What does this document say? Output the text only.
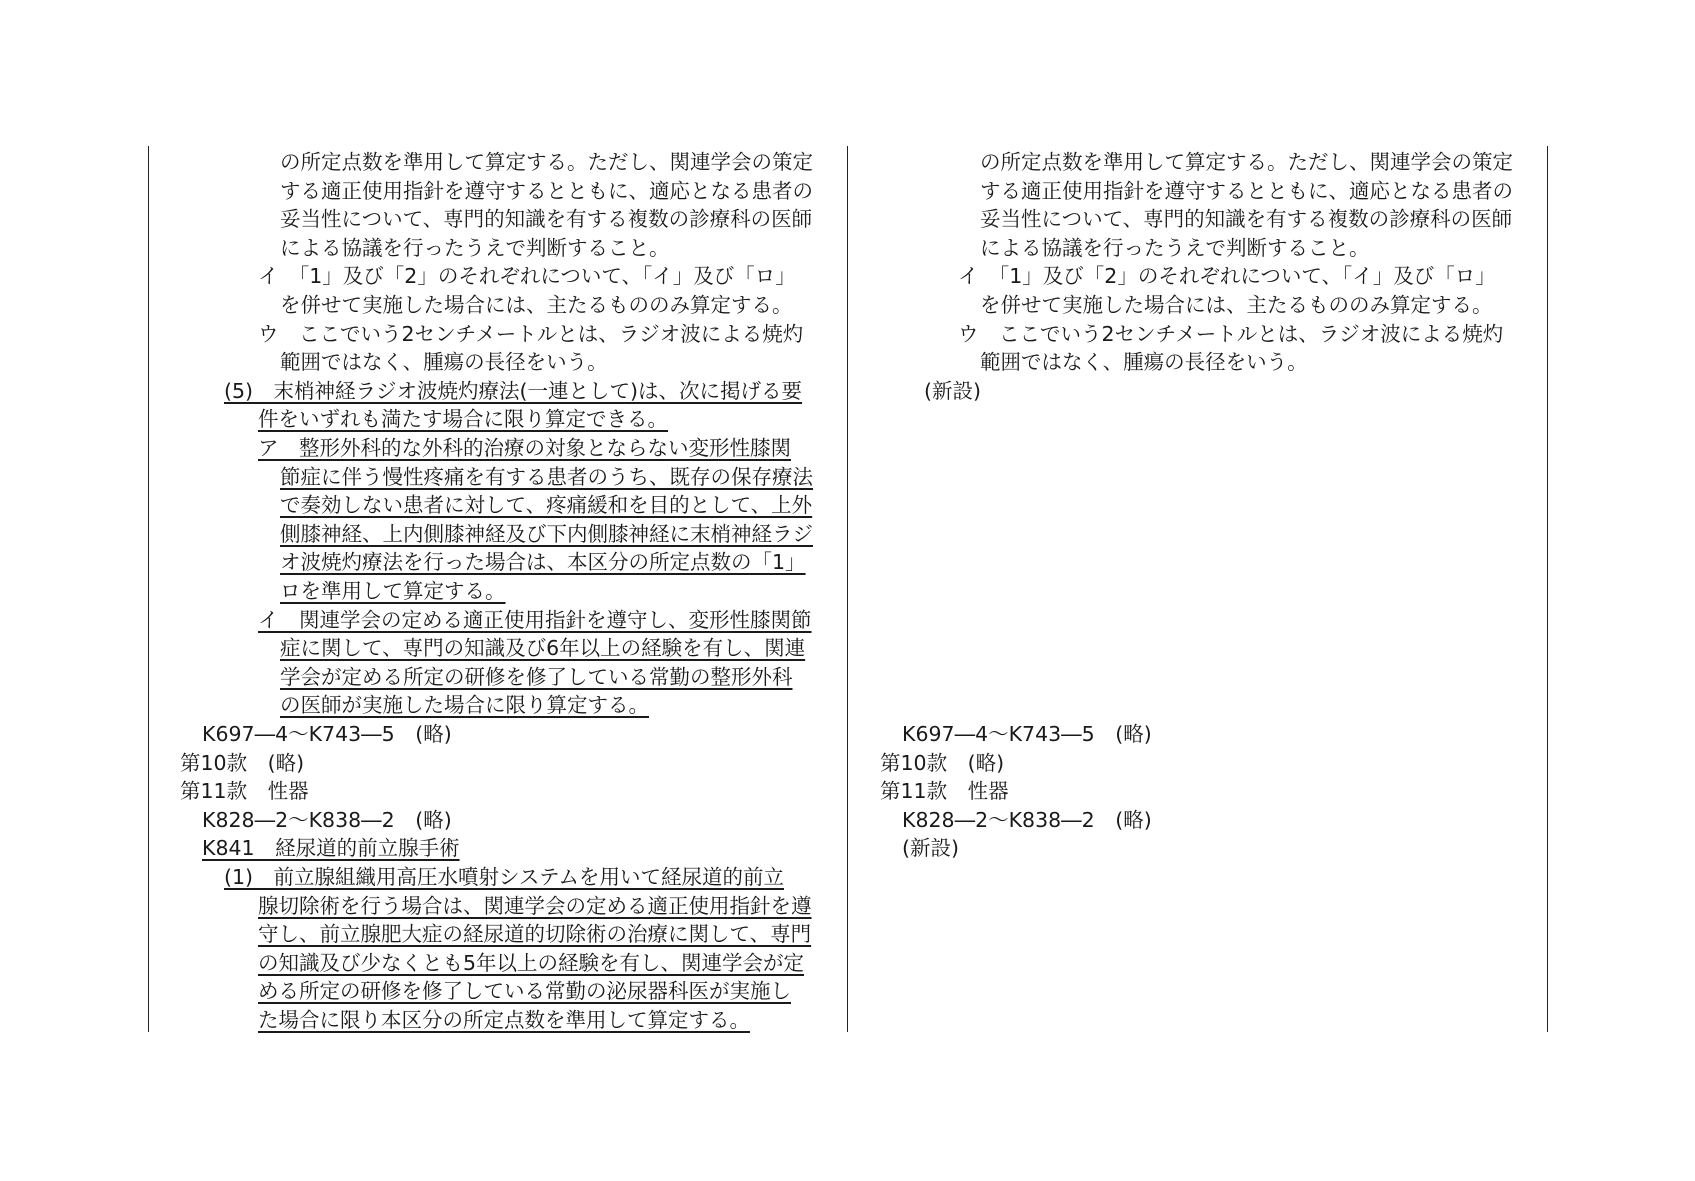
の所定点数を準用して算定する。ただし、関連学会の策定
する適正使用指針を遵守するとともに、適応となる患者の
妥当性について、専門的知識を有する複数の診療科の医師
による協議を行ったうえで判断すること。
イ　「1」及び「2」のそれぞれについて、「イ」及び「ロ」
を併せて実施した場合には、主たるもののみ算定する。
ウ　ここでいう2センチメートルとは、ラジオ波による焼灼
範囲ではなく、腫瘍の長径をいう。
(5)　末梢神経ラジオ波焼灼療法(一連として)は、次に掲げる要
件をいずれも満たす場合に限り算定できる。
ア　整形外科的な外科的治療の対象とならない変形性膝関
節症に伴う慢性疼痛を有する患者のうち、既存の保存療法
で奏効しない患者に対して、疼痛緩和を目的として、上外
側膝神経、上内側膝神経及び下内側膝神経に末梢神経ラジ
オ波焼灼療法を行った場合は、本区分の所定点数の「1」
ロを準用して算定する。
イ　関連学会の定める適正使用指針を遵守し、変形性膝関節
症に関して、専門の知識及び6年以上の経験を有し、関連
学会が定める所定の研修を修了している常勤の整形外科
の医師が実施した場合に限り算定する。
K697―4～K743―5　(略)
第10款　(略)
第11款　性器
K828―2～K838―2　(略)
K841　経尿道的前立腺手術
(1)　前立腺組織用高圧水噴射システムを用いて経尿道的前立
腺切除術を行う場合は、関連学会の定める適正使用指針を遵
守し、前立腺肥大症の経尿道的切除術の治療に関して、専門
の知識及び少なくとも5年以上の経験を有し、関連学会が定
める所定の研修を修了している常勤の泌尿器科医が実施し
た場合に限り本区分の所定点数を準用して算定する。
の所定点数を準用して算定する。ただし、関連学会の策定
する適正使用指針を遵守するとともに、適応となる患者の
妥当性について、専門的知識を有する複数の診療科の医師
による協議を行ったうえで判断すること。
イ　「1」及び「2」のそれぞれについて、「イ」及び「ロ」
を併せて実施した場合には、主たるもののみ算定する。
ウ　ここでいう2センチメートルとは、ラジオ波による焼灼
範囲ではなく、腫瘍の長径をいう。
(新設)
K697―4～K743―5　(略)
第10款　(略)
第11款　性器
K828―2～K838―2　(略)
(新設)
